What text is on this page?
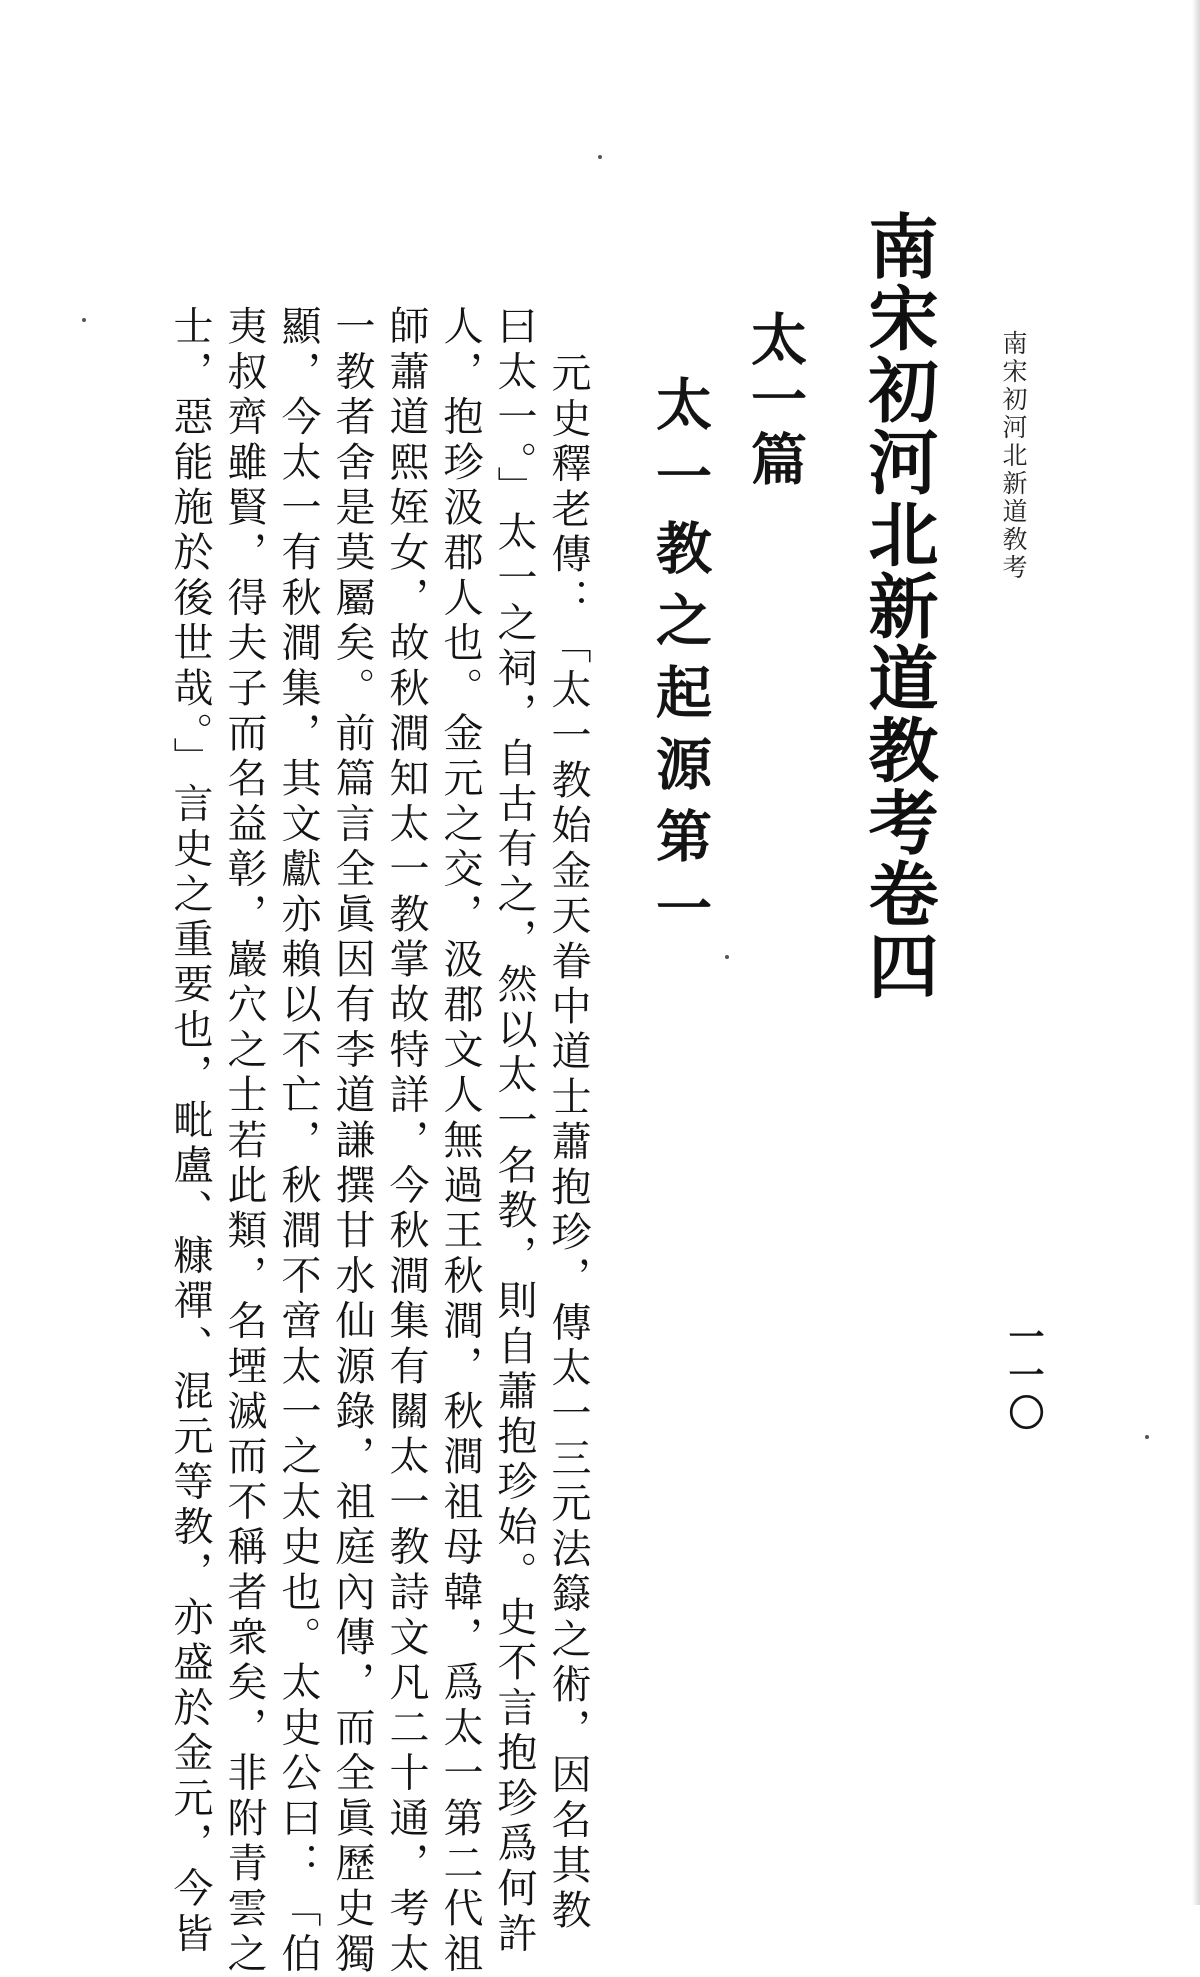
南宋初河北新道敎考

一一〇

南宋初河北新道教考卷四
太一篇
太一教之起源第一

元史釋老傳：「太一教始金天眷中道士蕭抱珍，傳太一三元法籙之術，因名其教

曰太一。」太一之祠，自古有之，然以太一名教，則自蕭抱珍始。史不言抱珍爲何許

人，抱珍汲郡人也。金元之交，汲郡文人無過王秋澗，秋澗祖母韓，爲太一第二代祖

師蕭道熙姪女，故秋澗知太一教掌故特詳，今秋澗集有關太一教詩文凡二十通，考太

一教者舍是莫屬矣。前篇言全眞因有李道謙撰甘水仙源錄，祖庭內傳，而全眞歷史獨

顯，今太一有秋澗集，其文獻亦賴以不亡，秋澗不啻太一之太史也。太史公曰：「伯

夷叔齊雖賢，得夫子而名益彰，巖穴之士若此類，名堙滅而不稱者衆矣，非附青雲之

士，惡能施於後世哉。」言史之重要也，毗盧、糠禪、混元等教，亦盛於金元，今皆
